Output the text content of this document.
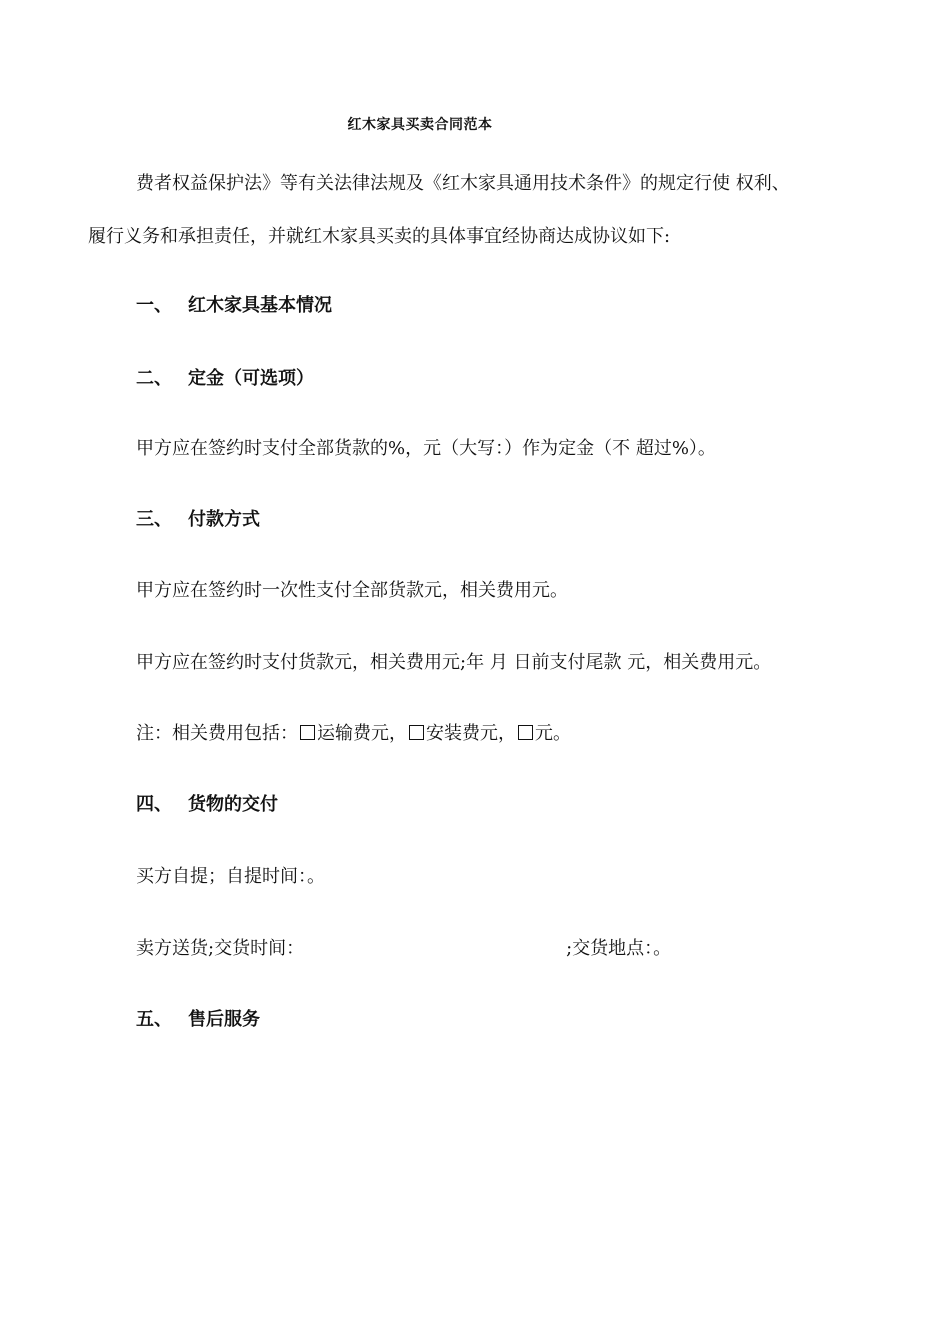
红木家具买卖合同范本
费者权益保护法》等有关法律法规及《红木家具通用技术条件》的规定行使 权利、
履行义务和承担责任，并就红木家具买卖的具体事宜经协商达成协议如下:
一、 红木家具基本情况
二、 定金（可选项）
甲方应在签约时支付全部货款的%，元（大写：）作为定金（不 超过%）。
三、 付款方式
甲方应在签约时一次性支付全部货款元，相关费用元。
甲方应在签约时支付货款元，相关费用元;年 月 日前支付尾款 元，相关费用元。
注：相关费用包括： 运输费元， 安装费元， 元。
四、 货物的交付
买方自提；自提时间：。
卖方送货;交货时间：	;交货地点：。
五、 售后服务
